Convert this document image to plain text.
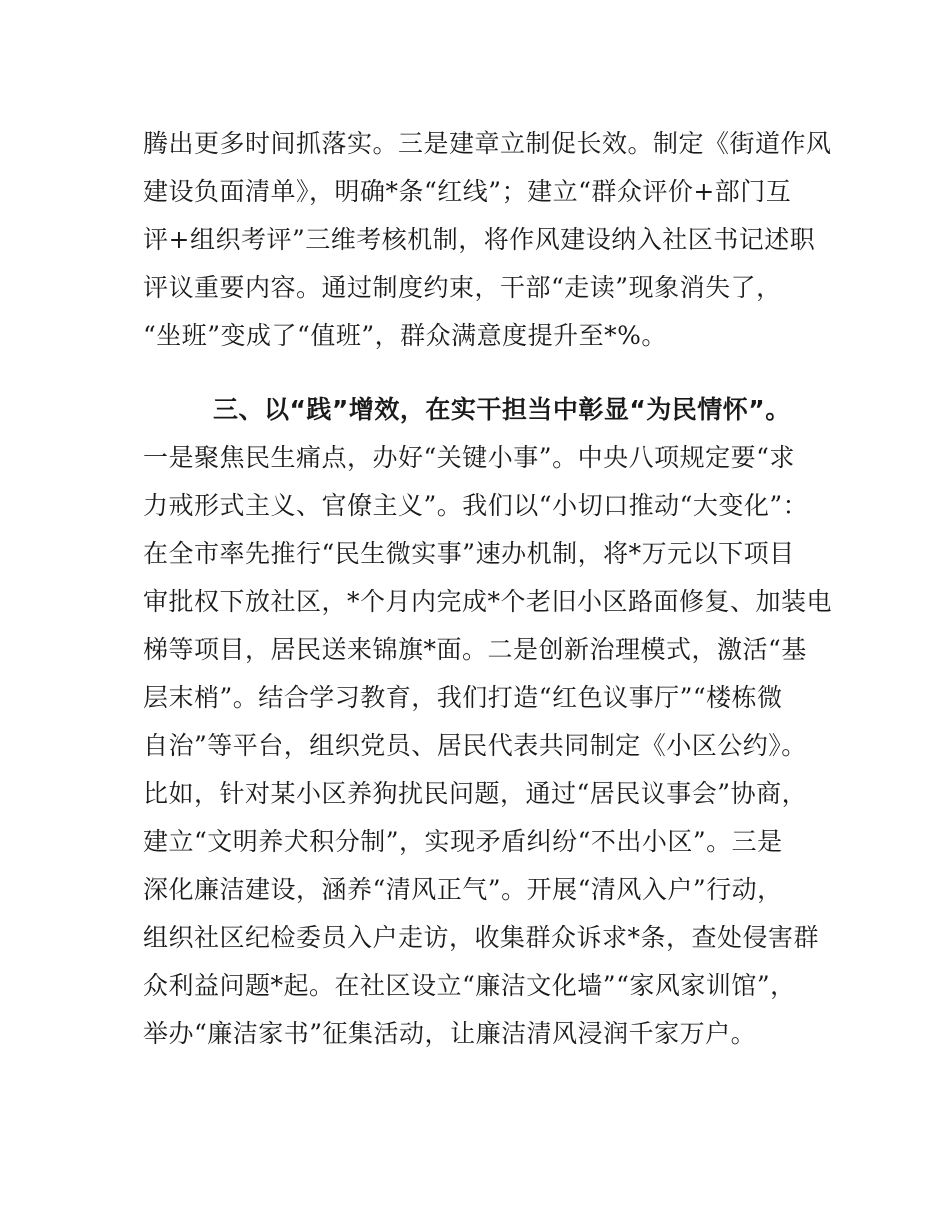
腾出更多时间抓落实。三是建章立制促长效。制定《街道作风
建设负面清单》，明确*条“红线”；建立“群众评价+部门互
评+组织考评”三维考核机制，将作风建设纳入社区书记述职
评议重要内容。通过制度约束，干部“走读”现象消失了，
“坐班”变成了“值班”，群众满意度提升至*%。
三、以“践”增效，在实干担当中彰显“为民情怀”。
一是聚焦民生痛点，办好“关键小事”。中央八项规定要“求
力戒形式主义、官僚主义”。我们以“小切口推动“大变化”：
在全市率先推行“民生微实事”速办机制，将*万元以下项目
审批权下放社区，*个月内完成*个老旧小区路面修复、加装电
梯等项目，居民送来锦旗*面。二是创新治理模式，激活“基
层末梢”。结合学习教育，我们打造“红色议事厅”“楼栋微
自治”等平台，组织党员、居民代表共同制定《小区公约》。
比如，针对某小区养狗扰民问题，通过“居民议事会”协商，
建立“文明养犬积分制”，实现矛盾纠纷“不出小区”。三是
深化廉洁建设，涵养“清风正气”。开展“清风入户”行动，
组织社区纪检委员入户走访，收集群众诉求*条，查处侵害群
众利益问题*起。在社区设立“廉洁文化墙”“家风家训馆”，
举办“廉洁家书”征集活动，让廉洁清风浸润千家万户。
